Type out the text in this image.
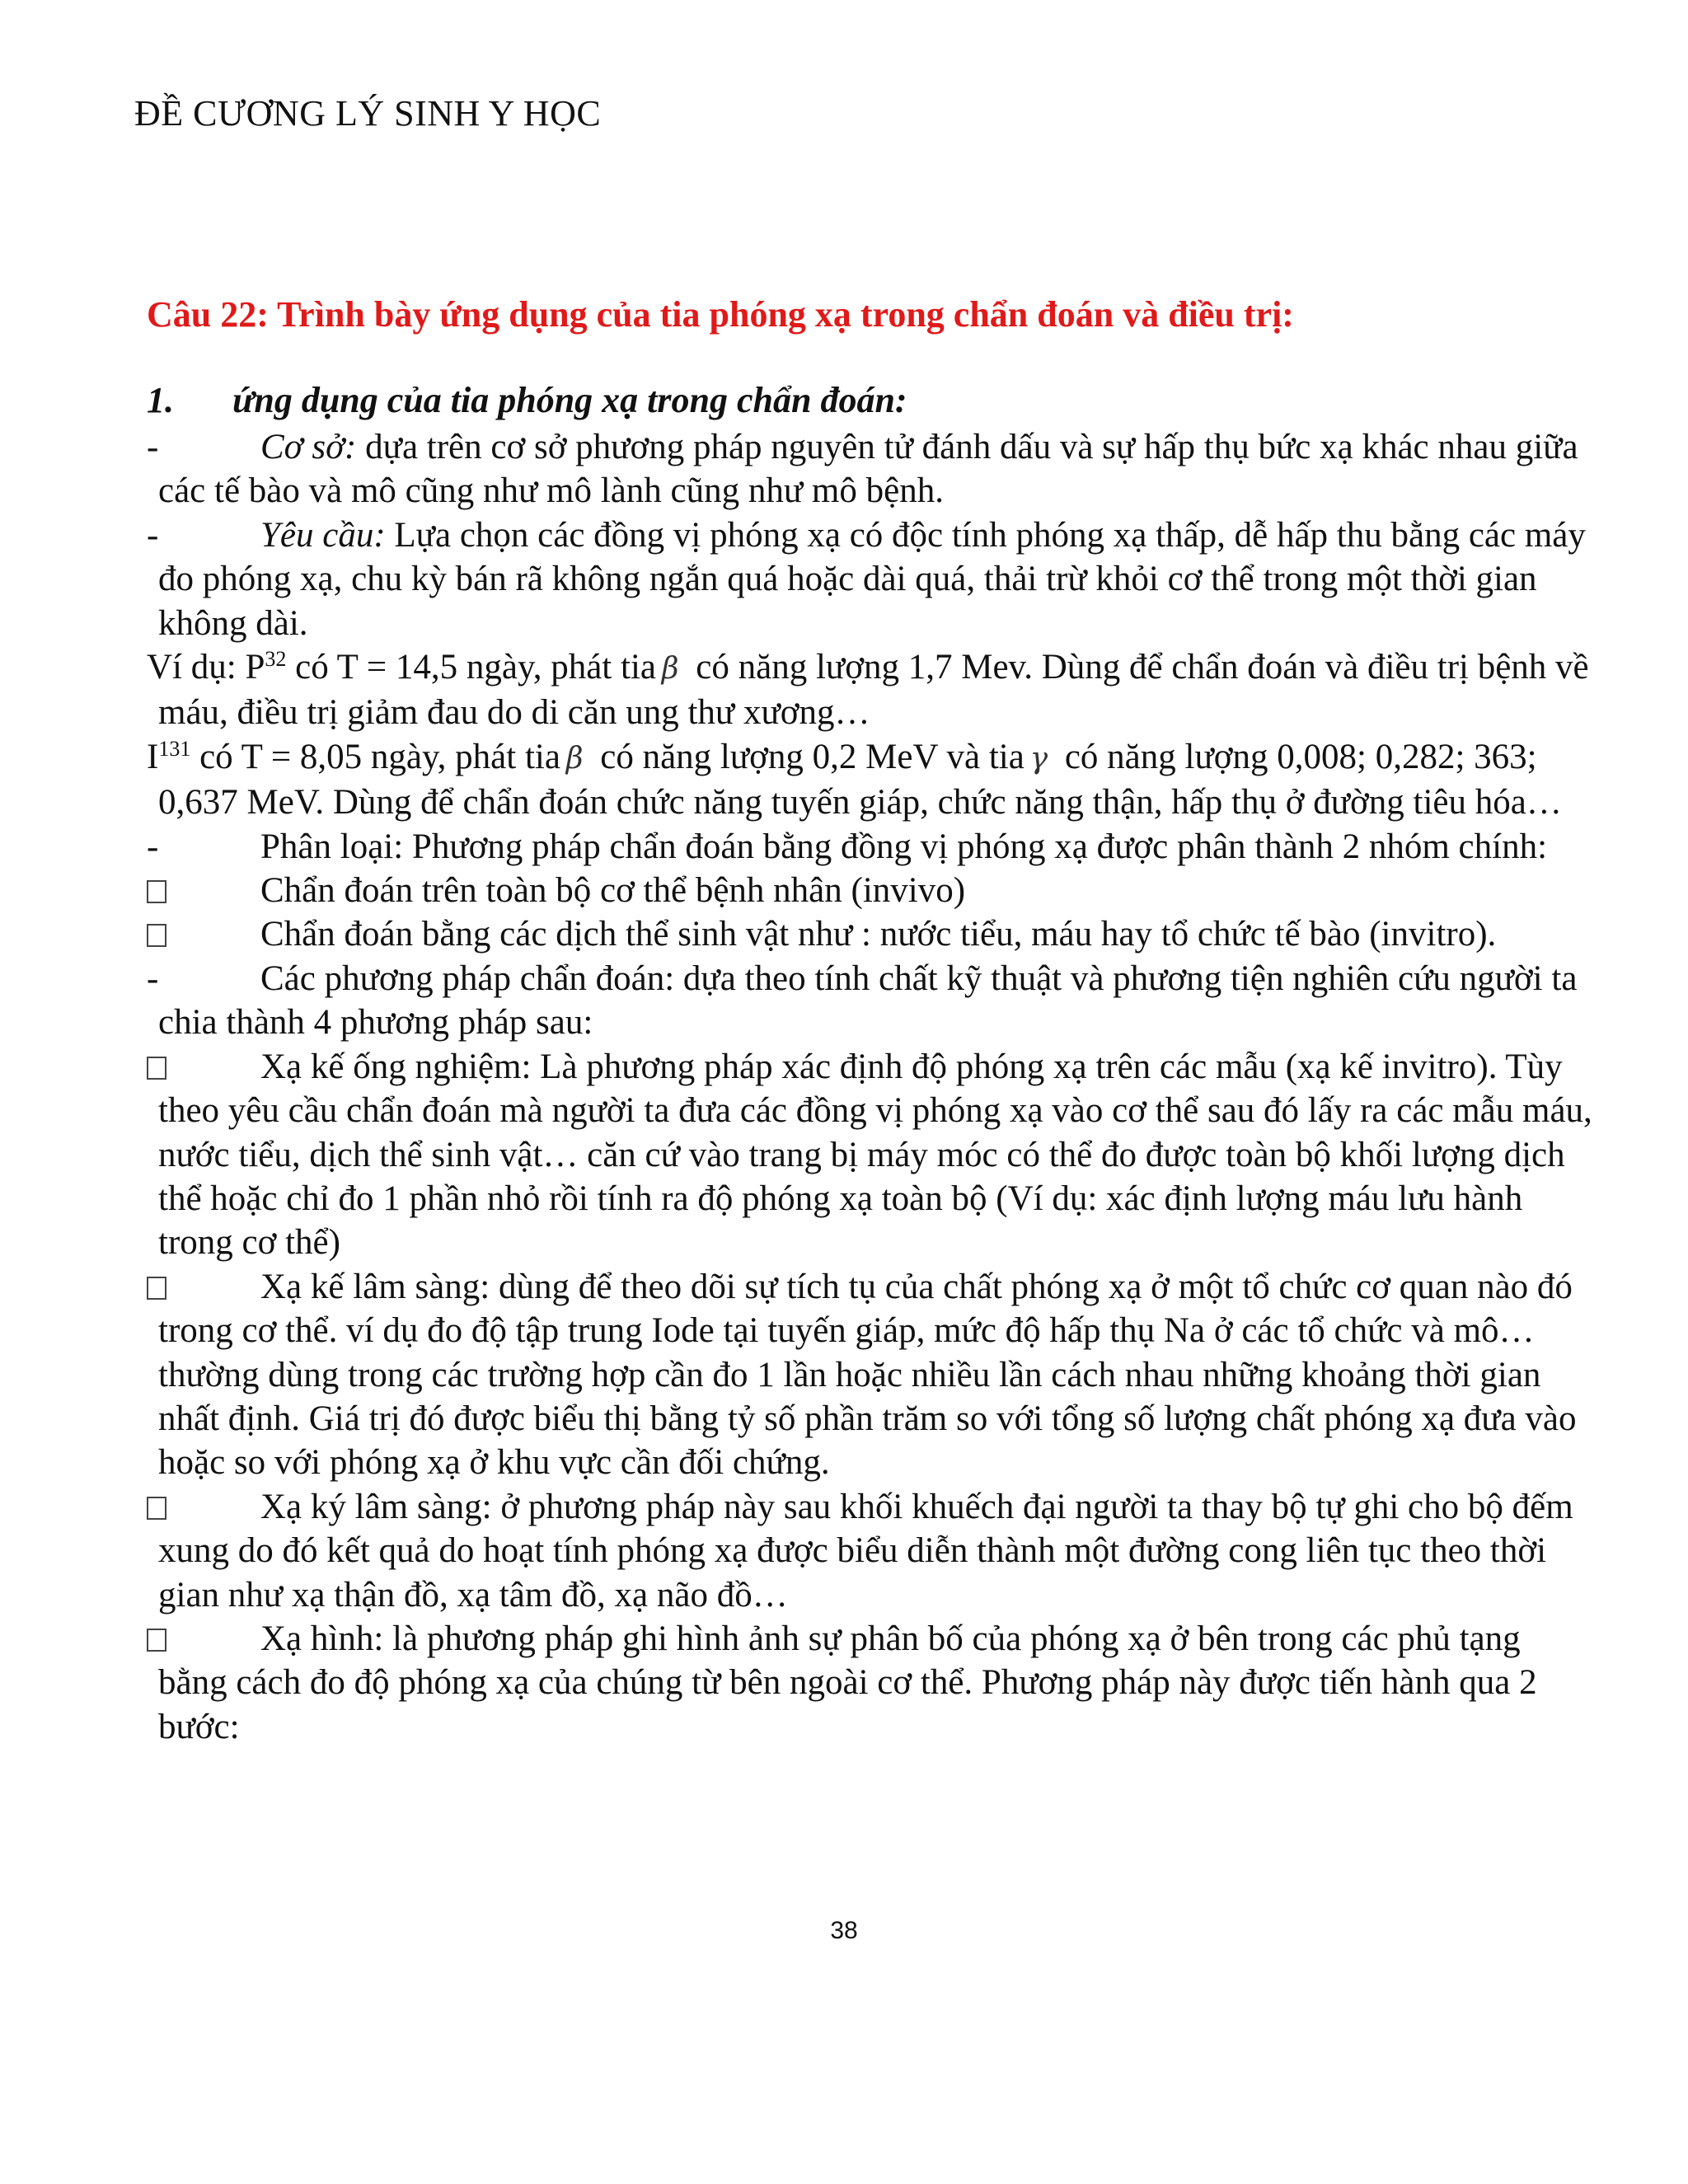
ĐỀ CƯƠNG LÝ SINH Y HỌC
Câu 22: Trình bày ứng dụng của tia phóng xạ trong chẩn đoán và điều trị:
1. ứng dụng của tia phóng xạ trong chẩn đoán:
-	Cơ sở: dựa trên cơ sở phương pháp nguyên tử đánh dấu và sự hấp thụ bức xạ khác nhau giữa các tế bào và mô cũng như mô lành cũng như mô bệnh.
-	Yêu cầu: Lựa chọn các đồng vị phóng xạ có độc tính phóng xạ thấp, dễ hấp thu bằng các máy đo phóng xạ, chu kỳ bán rã không ngắn quá hoặc dài quá, thải trừ khỏi cơ thể trong một thời gian không dài.
Ví dụ: $P^{32}$ có T = 14,5 ngày, phát tia β có năng lượng 1,7 Mev. Dùng để chẩn đoán và điều trị bệnh về máu, điều trị giảm đau do di căn ung thư xương…
$I^{131}$ có T = 8,05 ngày, phát tia β có năng lượng 0,2 MeV và tia γ có năng lượng 0,008; 0,282; 363; 0,637 MeV. Dùng để chẩn đoán chức năng tuyến giáp, chức năng thận, hấp thụ ở đường tiêu hóa…
-	Phân loại: Phương pháp chẩn đoán bằng đồng vị phóng xạ được phân thành 2 nhóm chính:
Chẩn đoán trên toàn bộ cơ thể bệnh nhân (invivo)
Chẩn đoán bằng các dịch thể sinh vật như : nước tiểu, máu hay tổ chức tế bào (invitro).
-	Các phương pháp chẩn đoán: dựa theo tính chất kỹ thuật và phương tiện nghiên cứu người ta chia thành 4 phương pháp sau:
Xạ kế ống nghiệm: Là phương pháp xác định độ phóng xạ trên các mẫu (xạ kế invitro). Tùy theo yêu cầu chẩn đoán mà người ta đưa các đồng vị phóng xạ vào cơ thể sau đó lấy ra các mẫu máu, nước tiểu, dịch thể sinh vật… căn cứ vào trang bị máy móc có thể đo được toàn bộ khối lượng dịch thể hoặc chỉ đo 1 phần nhỏ rồi tính ra độ phóng xạ toàn bộ (Ví dụ: xác định lượng máu lưu hành trong cơ thể)
Xạ kế lâm sàng: dùng để theo dõi sự tích tụ của chất phóng xạ ở một tổ chức cơ quan nào đó trong cơ thể. ví dụ đo độ tập trung Iode tại tuyến giáp, mức độ hấp thụ Na ở các tổ chức và mô… thường dùng trong các trường hợp cần đo 1 lần hoặc nhiều lần cách nhau những khoảng thời gian nhất định. Giá trị đó được biểu thị bằng tỷ số phần trăm so với tổng số lượng chất phóng xạ đưa vào hoặc so với phóng xạ ở khu vực cần đối chứng.
Xạ ký lâm sàng: ở phương pháp này sau khối khuếch đại người ta thay bộ tự ghi cho bộ đếm xung do đó kết quả do hoạt tính phóng xạ được biểu diễn thành một đường cong liên tục theo thời gian như xạ thận đồ, xạ tâm đồ, xạ não đồ…
Xạ hình: là phương pháp ghi hình ảnh sự phân bố của phóng xạ ở bên trong các phủ tạng bằng cách đo độ phóng xạ của chúng từ bên ngoài cơ thể. Phương pháp này được tiến hành qua 2 bước:
38
